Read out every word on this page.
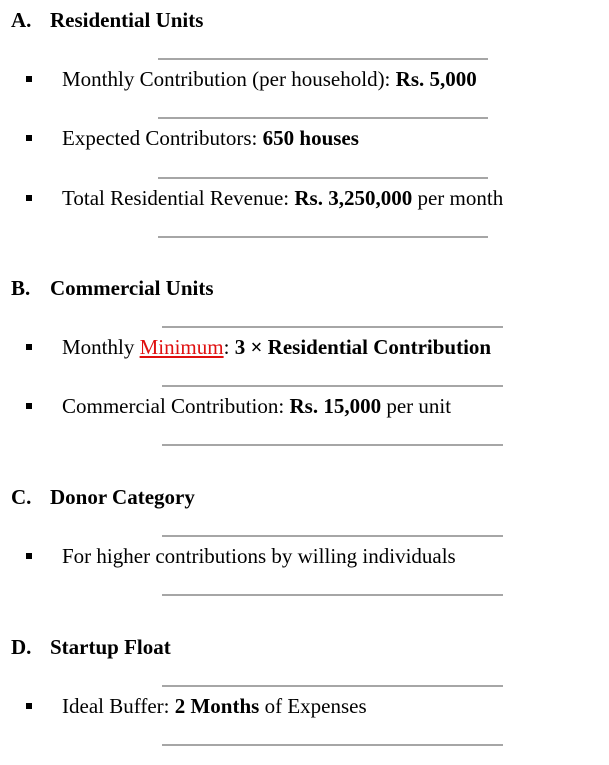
A. Residential Units
Monthly Contribution (per household): Rs. 5,000
Expected Contributors: 650 houses
Total Residential Revenue: Rs. 3,250,000 per month
B. Commercial Units
Monthly Minimum: 3 × Residential Contribution
Commercial Contribution: Rs. 15,000 per unit
C. Donor Category
For higher contributions by willing individuals
D. Startup Float
Ideal Buffer: 2 Months of Expenses
